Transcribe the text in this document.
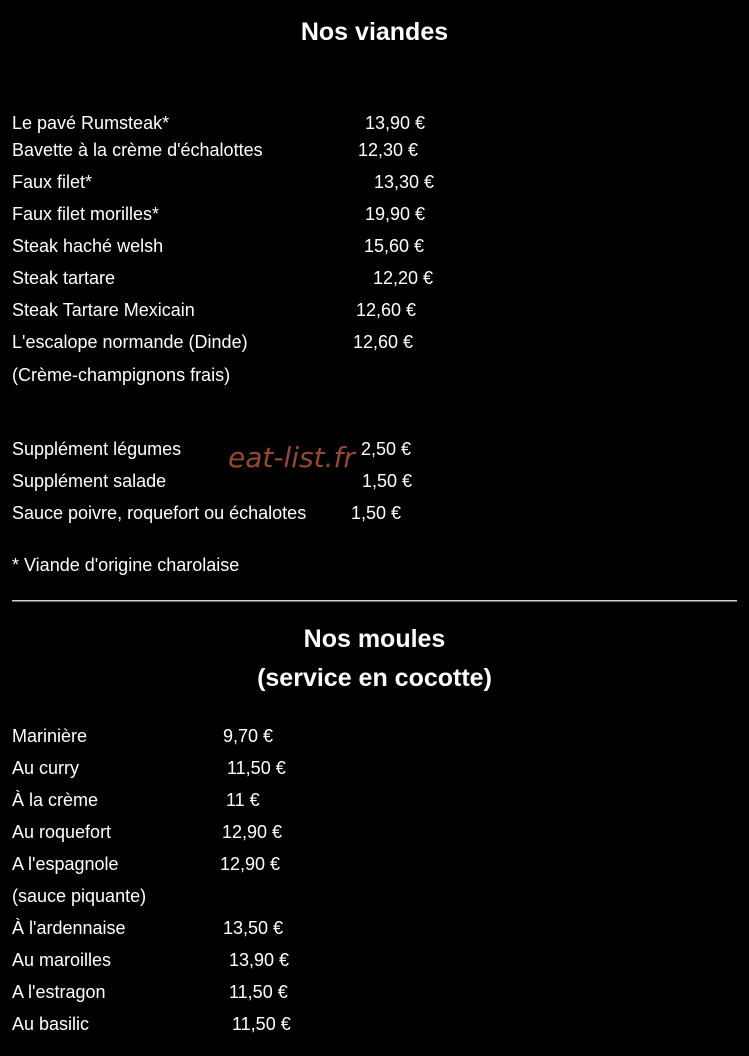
Nos viandes
Le pavé Rumsteak*	13,90 €
Bavette à la crème d'échalottes	12,30 €
Faux filet*	13,30 €
Faux filet morilles*	19,90 €
Steak haché welsh	15,60 €
Steak tartare	12,20 €
Steak Tartare Mexicain	12,60 €
L'escalope normande (Dinde)	12,60 €
(Crème-champignons frais)
Supplément légumes	2,50 €
Supplément salade	1,50 €
Sauce poivre, roquefort ou échalotes 1,50 €
eat-list.fr
* Viande d'origine charolaise
Nos moules
(service en cocotte)
Marinière	9,70 €
Au curry	11,50 €
À la crème	11 €
Au roquefort	12,90 €
A l'espagnole	12,90 €
(sauce piquante)
À l'ardennaise	13,50 €
Au maroilles	13,90 €
A l'estragon	11,50 €
Au basilic	11,50 €
